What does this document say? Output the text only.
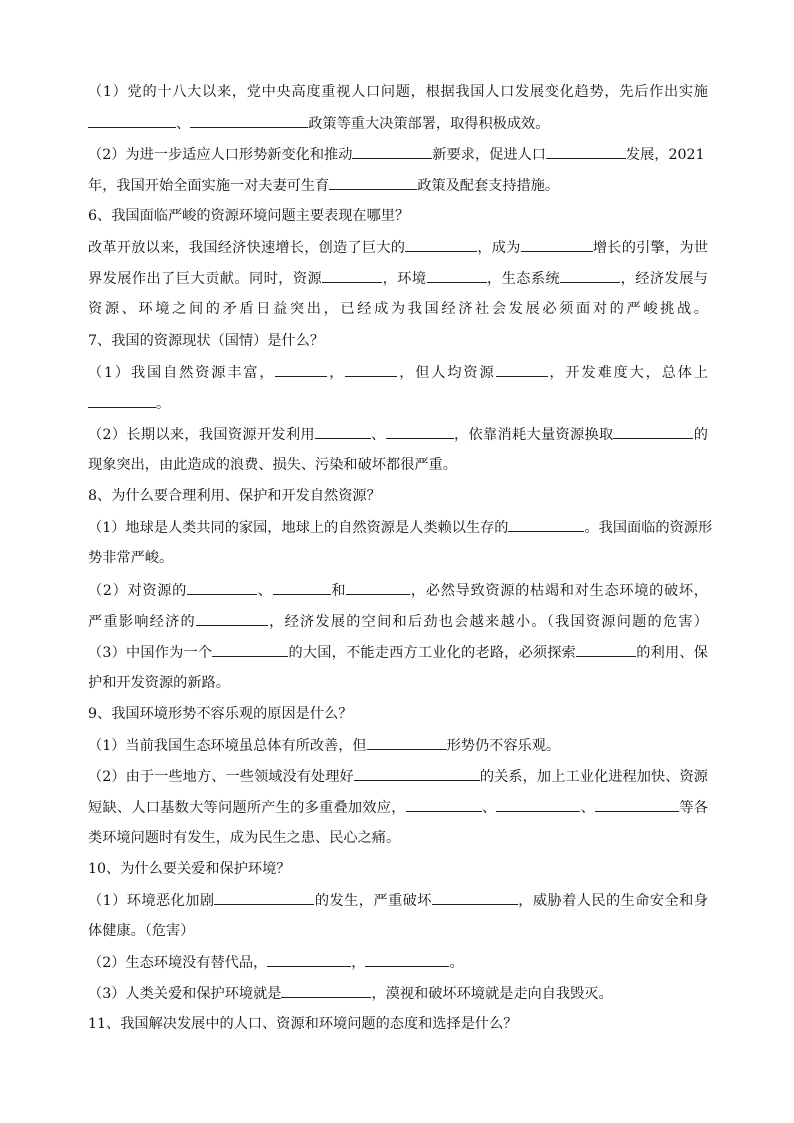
（1）党的十八大以来，党中央高度重视人口问题，根据我国人口发展变化趋势，先后作出实施
、	政策等重大决策部署，取得积极成效。
（2）为进一步适应人口形势新变化和推动	新要求，促进人口	发展，2021
年，我国开始全面实施一对夫妻可生育	政策及配套支持措施。
6、我国面临严峻的资源环境问题主要表现在哪里？
改革开放以来，我国经济快速增长，创造了巨大的	，成为	增长的引擎，为世
界发展作出了巨大贡献。同时，资源	，环境	，生态系统	，经济发展与
资源、环境之间的矛盾日益突出，已经成为我国经济社会发展必须面对的严峻挑战。
7、我国的资源现状（国情）是什么？
（1）我国自然资源丰富，	，	，但人均资源	，开发难度大，总体上
。
（2）长期以来，我国资源开发利用	、	，依靠消耗大量资源换取	的
现象突出，由此造成的浪费、损失、污染和破坏都很严重。
8、为什么要合理利用、保护和开发自然资源？
（1）地球是人类共同的家园，地球上的自然资源是人类赖以生存的	。我国面临的资源形
势非常严峻。
（2）对资源的	、	和	，必然导致资源的枯竭和对生态环境的破坏，
严重影响经济的	，经济发展的空间和后劲也会越来越小。（我国资源问题的危害）
（3）中国作为一个	的大国，不能走西方工业化的老路，必须探索	的利用、保
护和开发资源的新路。
9、我国环境形势不容乐观的原因是什么？
（1）当前我国生态环境虽总体有所改善，但	形势仍不容乐观。
（2）由于一些地方、一些领域没有处理好	的关系，加上工业化进程加快、资源
短缺、人口基数大等问题所产生的多重叠加效应，	、	、	等各
类环境问题时有发生，成为民生之患、民心之痛。
10、为什么要关爱和保护环境？
（1）环境恶化加剧	的发生，严重破坏	，威胁着人民的生命安全和身
体健康。（危害）
（2）生态环境没有替代品，	，	。
（3）人类关爱和保护环境就是	，漠视和破坏环境就是走向自我毁灭。
11、我国解决发展中的人口、资源和环境问题的态度和选择是什么？
